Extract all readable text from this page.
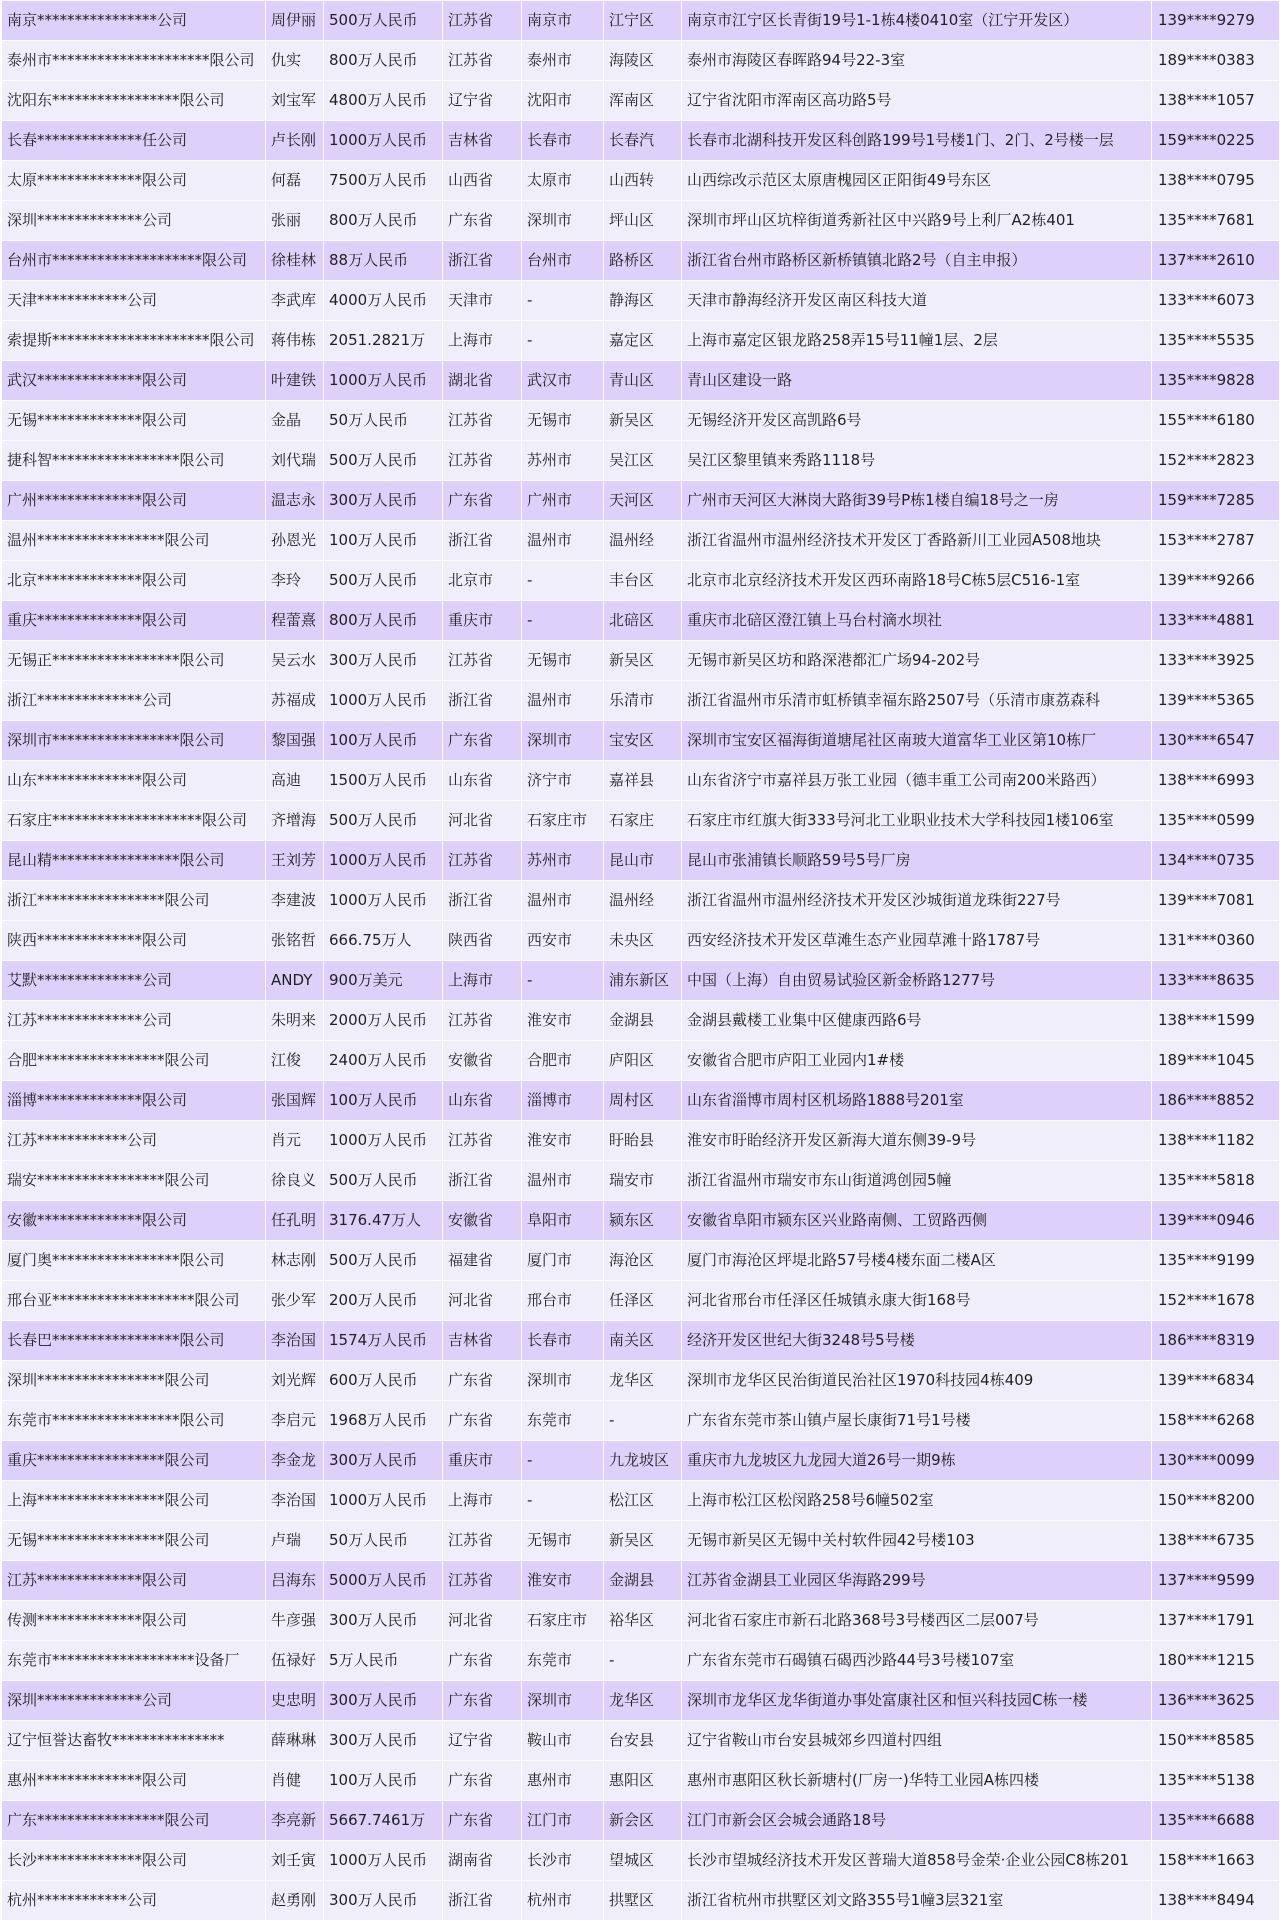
南京****************公司	周伊丽	500万人民币	江苏省	南京市	江宁区	南京市江宁区长青街19号1-1栋4楼0410室（江宁开发区）	139****9279
泰州市*********************限公司	仇实	800万人民币	江苏省	泰州市	海陵区	泰州市海陵区春晖路94号22-3室	189****0383
沈阳东*****************限公司	刘宝军	4800万人民币	辽宁省	沈阳市	浑南区	辽宁省沈阳市浑南区高功路5号	138****1057
长春**************任公司	卢长刚	1000万人民币	吉林省	长春市	长春汽	长春市北湖科技开发区科创路199号1号楼1门、2门、2号楼一层	159****0225
太原**************限公司	何磊	7500万人民币	山西省	太原市	山西转	山西综改示范区太原唐槐园区正阳街49号东区	138****0795
深圳**************公司	张丽	800万人民币	广东省	深圳市	坪山区	深圳市坪山区坑梓街道秀新社区中兴路9号上利厂A2栋401	135****7681
台州市********************限公司	徐桂林	88万人民币	浙江省	台州市	路桥区	浙江省台州市路桥区新桥镇镇北路2号（自主申报）	137****2610
天津************公司	李武库	4000万人民币	天津市	-	静海区	天津市静海经济开发区南区科技大道	133****6073
索提斯*********************限公司	蒋伟栋	2051.2821万	上海市	-	嘉定区	上海市嘉定区银龙路258弄15号11幢1层、2层	135****5535
武汉**************限公司	叶建铁	1000万人民币	湖北省	武汉市	青山区	青山区建设一路	135****9828
无锡**************限公司	金晶	50万人民币	江苏省	无锡市	新吴区	无锡经济开发区高凯路6号	155****6180
捷科智*****************限公司	刘代瑞	500万人民币	江苏省	苏州市	吴江区	吴江区黎里镇来秀路1118号	152****2823
广州**************限公司	温志永	300万人民币	广东省	广州市	天河区	广州市天河区大淋岗大路街39号P栋1楼自编18号之一房	159****7285
温州*****************限公司	孙恩光	100万人民币	浙江省	温州市	温州经	浙江省温州市温州经济技术开发区丁香路新川工业园A508地块	153****2787
北京**************限公司	李玲	500万人民币	北京市	-	丰台区	北京市北京经济技术开发区西环南路18号C栋5层C516-1室	139****9266
重庆**************限公司	程蕾熹	800万人民币	重庆市	-	北碚区	重庆市北碚区澄江镇上马台村滴水坝社	133****4881
无锡正*****************限公司	吴云水	300万人民币	江苏省	无锡市	新吴区	无锡市新吴区坊和路深港都汇广场94-202号	133****3925
浙江**************公司	苏福成	1000万人民币	浙江省	温州市	乐清市	浙江省温州市乐清市虹桥镇幸福东路2507号（乐清市康荔森科	139****5365
深圳市*****************限公司	黎国强	100万人民币	广东省	深圳市	宝安区	深圳市宝安区福海街道塘尾社区南玻大道富华工业区第10栋厂	130****6547
山东**************限公司	高迪	1500万人民币	山东省	济宁市	嘉祥县	山东省济宁市嘉祥县万张工业园（德丰重工公司南200米路西）	138****6993
石家庄********************限公司	齐增海	500万人民币	河北省	石家庄市	石家庄	石家庄市红旗大街333号河北工业职业技术大学科技园1楼106室	135****0599
昆山精*****************限公司	王刘芳	1000万人民币	江苏省	苏州市	昆山市	昆山市张浦镇长顺路59号5号厂房	134****0735
浙江*****************限公司	李建波	1000万人民币	浙江省	温州市	温州经	浙江省温州市温州经济技术开发区沙城街道龙珠街227号	139****7081
陕西**************限公司	张铭哲	666.75万人	陕西省	西安市	未央区	西安经济技术开发区草滩生态产业园草滩十路1787号	131****0360
艾默**************公司	ANDY	900万美元	上海市	-	浦东新区	中国（上海）自由贸易试验区新金桥路1277号	133****8635
江苏**************公司	朱明来	2000万人民币	江苏省	淮安市	金湖县	金湖县戴楼工业集中区健康西路6号	138****1599
合肥*****************限公司	江俊	2400万人民币	安徽省	合肥市	庐阳区	安徽省合肥市庐阳工业园内1#楼	189****1045
淄博**************限公司	张国辉	100万人民币	山东省	淄博市	周村区	山东省淄博市周村区机场路1888号201室	186****8852
江苏************公司	肖元	1000万人民币	江苏省	淮安市	盱眙县	淮安市盱眙经济开发区新海大道东侧39-9号	138****1182
瑞安*****************限公司	徐良义	500万人民币	浙江省	温州市	瑞安市	浙江省温州市瑞安市东山街道鸿创园5幢	135****5818
安徽**************限公司	任孔明	3176.47万人	安徽省	阜阳市	颍东区	安徽省阜阳市颍东区兴业路南侧、工贸路西侧	139****0946
厦门奥*****************限公司	林志刚	500万人民币	福建省	厦门市	海沧区	厦门市海沧区坪堤北路57号楼4楼东面二楼A区	135****9199
邢台亚*******************限公司	张少军	200万人民币	河北省	邢台市	任泽区	河北省邢台市任泽区任城镇永康大街168号	152****1678
长春巴*****************限公司	李治国	1574万人民币	吉林省	长春市	南关区	经济开发区世纪大街3248号5号楼	186****8319
深圳*****************限公司	刘光辉	600万人民币	广东省	深圳市	龙华区	深圳市龙华区民治街道民治社区1970科技园4栋409	139****6834
东莞市*****************限公司	李启元	1968万人民币	广东省	东莞市	-	广东省东莞市茶山镇卢屋长康街71号1号楼	158****6268
重庆*****************限公司	李金龙	300万人民币	重庆市	-	九龙坡区	重庆市九龙坡区九龙园大道26号一期9栋	130****0099
上海*****************限公司	李治国	1000万人民币	上海市	-	松江区	上海市松江区松闵路258号6幢502室	150****8200
无锡*****************限公司	卢瑞	50万人民币	江苏省	无锡市	新吴区	无锡市新吴区无锡中关村软件园42号楼103	138****6735
江苏**************限公司	吕海东	5000万人民币	江苏省	淮安市	金湖县	江苏省金湖县工业园区华海路299号	137****9599
传测**************限公司	牛彦强	300万人民币	河北省	石家庄市	裕华区	河北省石家庄市新石北路368号3号楼西区二层007号	137****1791
东莞市*******************设备厂	伍禄好	5万人民币	广东省	东莞市	-	广东省东莞市石碣镇石碣西沙路44号3号楼107室	180****1215
深圳**************公司	史忠明	300万人民币	广东省	深圳市	龙华区	深圳市龙华区龙华街道办事处富康社区和恒兴科技园C栋一楼	136****3625
辽宁恒誉达畜牧***************	薛琳琳	300万人民币	辽宁省	鞍山市	台安县	辽宁省鞍山市台安县城郊乡四道村四组	150****8585
惠州**************限公司	肖健	100万人民币	广东省	惠州市	惠阳区	惠州市惠阳区秋长新塘村(厂房一)华特工业园A栋四楼	135****5138
广东*****************限公司	李亮新	5667.7461万	广东省	江门市	新会区	江门市新会区会城会通路18号	135****6688
长沙**************限公司	刘壬寅	1000万人民币	湖南省	长沙市	望城区	长沙市望城经济技术开发区普瑞大道858号金荣·企业公园C8栋201	158****1663
杭州************公司	赵勇刚	300万人民币	浙江省	杭州市	拱墅区	浙江省杭州市拱墅区刘文路355号1幢3层321室	138****8494
